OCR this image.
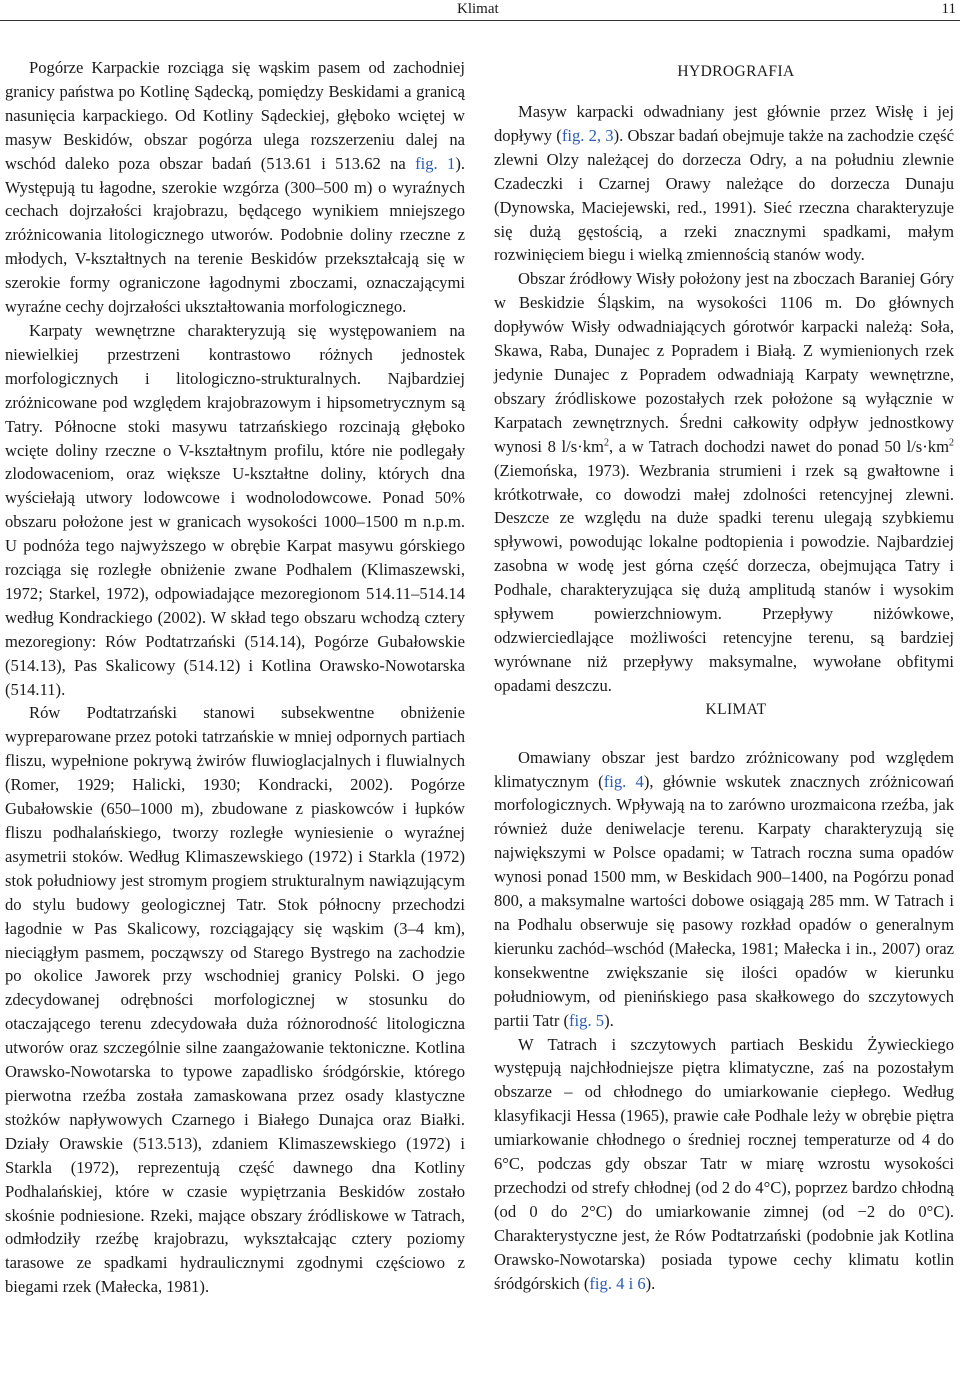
Klimat	11

Pogórze Karpackie rozciąga się wąskim pasem od zachodniej granicy państwa po Kotlinę Sądecką, pomiędzy Beskidami a granicą nasunięcia karpackiego. Od Kotliny Sądeckiej, głęboko wciętej w masyw Beskidów, obszar pogórza ulega rozszerzeniu dalej na wschód daleko poza obszar badań (513.61 i 513.62 na fig. 1). Występują tu łagodne, szerokie wzgórza (300–500 m) o wyraźnych cechach dojrzałości krajobrazu, będącego wynikiem mniejszego zróżnicowania litologicznego utworów. Podobnie doliny rzeczne z młodych, V-kształtnych na terenie Beskidów przekształcają się w szerokie formy ograniczone łagodnymi zboczami, oznaczającymi wyraźne cechy dojrzałości ukształtowania morfologicznego.

Karpaty wewnętrzne charakteryzują się występowaniem na niewielkiej przestrzeni kontrastowo różnych jednostek morfologicznych i litologiczno-strukturalnych. Najbardziej zróżnicowane pod względem krajobrazowym i hipsometrycznym są Tatry. Północne stoki masywu tatrzańskiego rozcinają głęboko wcięte doliny rzeczne o V-kształtnym profilu, które nie podlegały zlodowaceniom, oraz większe U-kształtne doliny, których dna wyściełają utwory lodowcowe i wodnolodowcowe. Ponad 50% obszaru położone jest w granicach wysokości 1000–1500 m n.p.m. U podnóża tego najwyższego w obrębie Karpat masywu górskiego rozciąga się rozległe obniżenie zwane Podhalem (Klimaszewski, 1972; Starkel, 1972), odpowiadające mezoregionom 514.11–514.14 według Kondrackiego (2002). W skład tego obszaru wchodzą cztery mezoregiony: Rów Podtatrzański (514.14), Pogórze Gubałowskie (514.13), Pas Skalicowy (514.12) i Kotlina Orawsko-Nowotarska (514.11).

Rów Podtatrzański stanowi subsekwentne obniżenie wypreparowane przez potoki tatrzańskie w mniej odpornych partiach fliszu, wypełnione pokrywą żwirów fluwioglacjalnych i fluwialnych (Romer, 1929; Halicki, 1930; Kondracki, 2002). Pogórze Gubałowskie (650–1000 m), zbudowane z piaskowców i łupków fliszu podhalańskiego, tworzy rozległe wyniesienie o wyraźnej asymetrii stoków. Według Klimaszewskiego (1972) i Starkla (1972) stok południowy jest stromym progiem strukturalnym nawiązującym do stylu budowy geologicznej Tatr. Stok północny przechodzi łagodnie w Pas Skalicowy, rozciągający się wąskim (3–4 km), nieciągłym pasmem, począwszy od Starego Bystrego na zachodzie po okolice Jaworek przy wschodniej granicy Polski. O jego zdecydowanej odrębności morfologicznej w stosunku do otaczającego terenu zdecydowała duża różnorodność litologiczna utworów oraz szczególnie silne zaangażowanie tektoniczne. Kotlina Orawsko-Nowotarska to typowe zapadlisko śródgórskie, którego pierwotna rzeźba została zamaskowana przez osady klastyczne stożków napływowych Czarnego i Białego Dunajca oraz Białki. Działy Orawskie (513.513), zdaniem Klimaszewskiego (1972) i Starkla (1972), reprezentują część dawnego dna Kotliny Podhalańskiej, które w czasie wypiętrzania Beskidów zostało skośnie podniesione. Rzeki, mające obszary źródliskowe w Tatrach, odmłodziły rzeźbę krajobrazu, wykształcając cztery poziomy tarasowe ze spadkami hydraulicznymi zgodnymi częściowo z biegami rzek (Małecka, 1981).

HYDROGRAFIA

Masyw karpacki odwadniany jest głównie przez Wisłę i jej dopływy (fig. 2, 3). Obszar badań obejmuje także na zachodzie część zlewni Olzy należącej do dorzecza Odry, a na południu zlewnie Czadeczki i Czarnej Orawy należące do dorzecza Dunaju (Dynowska, Maciejewski, red., 1991). Sieć rzeczna charakteryzuje się dużą gęstością, a rzeki znacznymi spadkami, małym rozwinięciem biegu i wielką zmiennością stanów wody.

Obszar źródłowy Wisły położony jest na zboczach Baraniej Góry w Beskidzie Śląskim, na wysokości 1106 m. Do głównych dopływów Wisły odwadniających górotwór karpacki należą: Soła, Skawa, Raba, Dunajec z Popradem i Białą. Z wymienionych rzek jedynie Dunajec z Popradem odwadniają Karpaty wewnętrzne, obszary źródliskowe pozostałych rzek położone są wyłącznie w Karpatach zewnętrznych. Średni całkowity odpływ jednostkowy wynosi 8 $l/s\cdot km^2$, a w Tatrach dochodzi nawet do ponad 50 $l/s\cdot km^2$ (Ziemońska, 1973). Wezbrania strumieni i rzek są gwałtowne i krótkotrwałe, co dowodzi małej zdolności retencyjnej zlewni. Deszcze ze względu na duże spadki terenu ulegają szybkiemu spływowi, powodując lokalne podtopienia i powodzie. Najbardziej zasobna w wodę jest górna część dorzecza, obejmująca Tatry i Podhale, charakteryzująca się dużą amplitudą stanów i wysokim spływem powierzchniowym. Przepływy niżówkowe, odzwierciedlające możliwości retencyjne terenu, są bardziej wyrównane niż przepływy maksymalne, wywołane obfitymi opadami deszczu.

KLIMAT

Omawiany obszar jest bardzo zróżnicowany pod względem klimatycznym (fig. 4), głównie wskutek znacznych zróżnicowań morfologicznych. Wpływają na to zarówno urozmaicona rzeźba, jak również duże deniwelacje terenu. Karpaty charakteryzują się największymi w Polsce opadami; w Tatrach roczna suma opadów wynosi ponad 1500 mm, w Beskidach 900–1400, na Pogórzu ponad 800, a maksymalne wartości dobowe osiągają 285 mm. W Tatrach i na Podhalu obserwuje się pasowy rozkład opadów o generalnym kierunku zachód–wschód (Małecka, 1981; Małecka i in., 2007) oraz konsekwentne zwiększanie się ilości opadów w kierunku południowym, od pienińskiego pasa skałkowego do szczytowych partii Tatr (fig. 5).

W Tatrach i szczytowych partiach Beskidu Żywieckiego występują najchłodniejsze piętra klimatyczne, zaś na pozostałym obszarze – od chłodnego do umiarkowanie ciepłego. Według klasyfikacji Hessa (1965), prawie całe Podhale leży w obrębie piętra umiarkowanie chłodnego o średniej rocznej temperaturze od 4 do 6°C, podczas gdy obszar Tatr w miarę wzrostu wysokości przechodzi od strefy chłodnej (od 2 do 4°C), poprzez bardzo chłodną (od 0 do 2°C) do umiarkowanie zimnej (od −2 do 0°C). Charakterystyczne jest, że Rów Podtatrzański (podobnie jak Kotlina Orawsko-Nowotarska) posiada typowe cechy klimatu kotlin śródgórskich (fig. 4 i 6).
